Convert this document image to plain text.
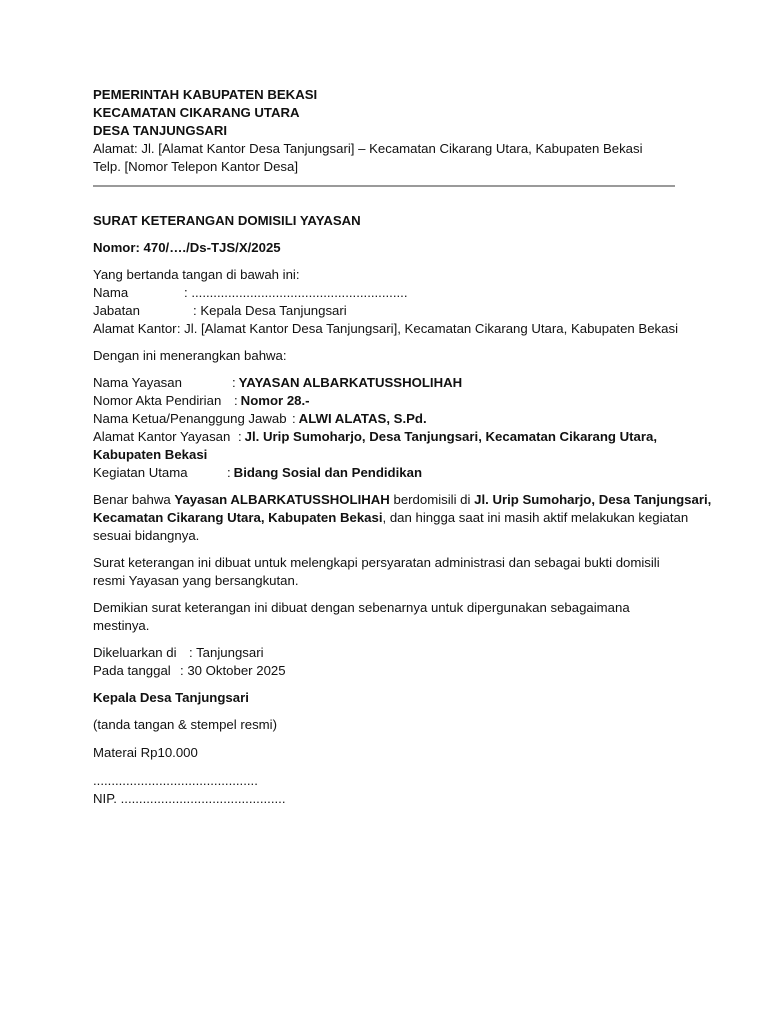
PEMERINTAH KABUPATEN BEKASI
KECAMATAN CIKARANG UTARA
DESA TANJUNGSARI
Alamat: Jl. [Alamat Kantor Desa Tanjungsari] – Kecamatan Cikarang Utara, Kabupaten Bekasi
Telp. [Nomor Telepon Kantor Desa]
SURAT KETERANGAN DOMISILI YAYASAN
Nomor: 470/…./Ds-TJS/X/2025
Yang bertanda tangan di bawah ini:
Nama	: ...........................................................
Jabatan	: Kepala Desa Tanjungsari
Alamat Kantor : Jl. [Alamat Kantor Desa Tanjungsari], Kecamatan Cikarang Utara, Kabupaten Bekasi
Dengan ini menerangkan bahwa:
Nama Yayasan	: YAYASAN ALBARKATUSSHOLIHAH
Nomor Akta Pendirian : Nomor 28.-
Nama Ketua/Penanggung Jawab : ALWI ALATAS, S.Pd.
Alamat Kantor Yayasan : Jl. Urip Sumoharjo, Desa Tanjungsari, Kecamatan Cikarang Utara,
Kabupaten Bekasi
Kegiatan Utama	: Bidang Sosial dan Pendidikan
Benar bahwa Yayasan ALBARKATUSSHOLIHAH berdomisili di Jl. Urip Sumoharjo, Desa Tanjungsari,
Kecamatan Cikarang Utara, Kabupaten Bekasi, dan hingga saat ini masih aktif melakukan kegiatan
sesuai bidangnya.
Surat keterangan ini dibuat untuk melengkapi persyaratan administrasi dan sebagai bukti domisili
resmi Yayasan yang bersangkutan.
Demikian surat keterangan ini dibuat dengan sebenarnya untuk dipergunakan sebagaimana
mestinya.
Dikeluarkan di : Tanjungsari
Pada tanggal : 30 Oktober 2025
Kepala Desa Tanjungsari
(tanda tangan & stempel resmi)
Materai Rp10.000
.............................................
NIP. .............................................
